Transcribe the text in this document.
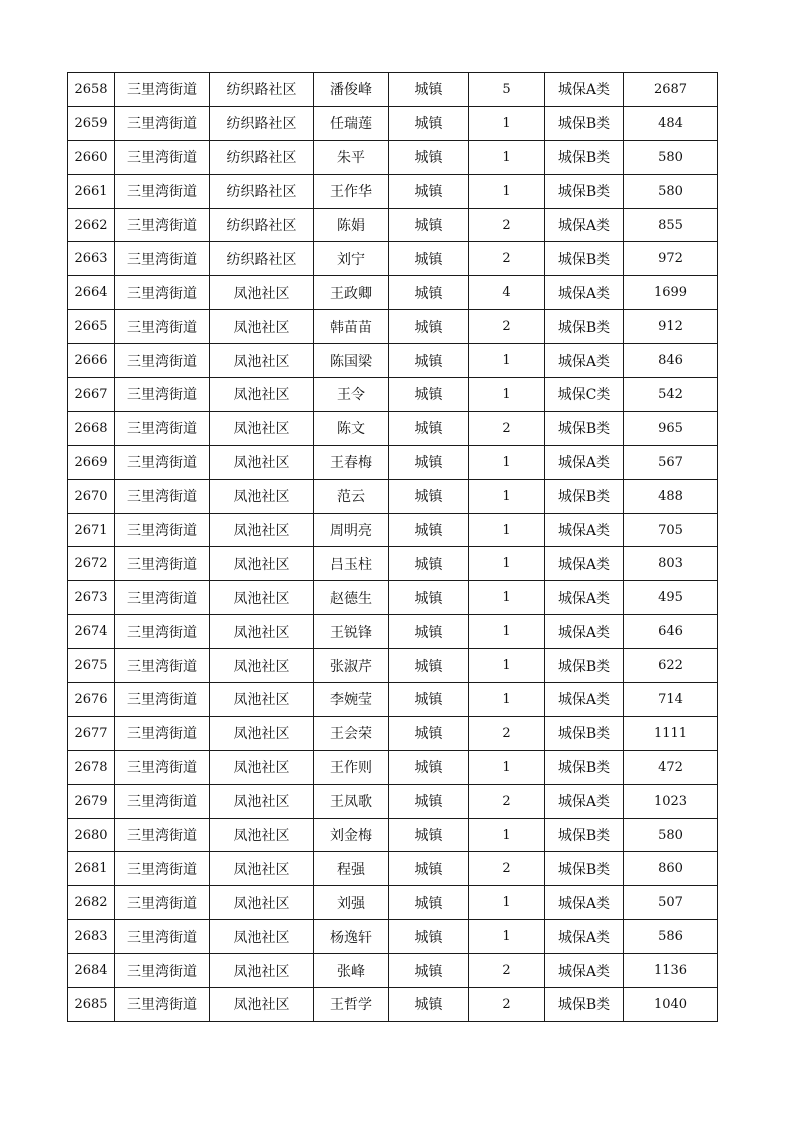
2658	三里湾街道	纺织路社区	潘俊峰	城镇	5	城保A类	2687
2659	三里湾街道	纺织路社区	任瑞莲	城镇	1	城保B类	484
2660	三里湾街道	纺织路社区	朱平	城镇	1	城保B类	580
2661	三里湾街道	纺织路社区	王作华	城镇	1	城保B类	580
2662	三里湾街道	纺织路社区	陈娟	城镇	2	城保A类	855
2663	三里湾街道	纺织路社区	刘宁	城镇	2	城保B类	972
2664	三里湾街道	凤池社区	王政卿	城镇	4	城保A类	1699
2665	三里湾街道	凤池社区	韩苗苗	城镇	2	城保B类	912
2666	三里湾街道	凤池社区	陈国梁	城镇	1	城保A类	846
2667	三里湾街道	凤池社区	王令	城镇	1	城保C类	542
2668	三里湾街道	凤池社区	陈文	城镇	2	城保B类	965
2669	三里湾街道	凤池社区	王春梅	城镇	1	城保A类	567
2670	三里湾街道	凤池社区	范云	城镇	1	城保B类	488
2671	三里湾街道	凤池社区	周明亮	城镇	1	城保A类	705
2672	三里湾街道	凤池社区	吕玉柱	城镇	1	城保A类	803
2673	三里湾街道	凤池社区	赵德生	城镇	1	城保A类	495
2674	三里湾街道	凤池社区	王锐锋	城镇	1	城保A类	646
2675	三里湾街道	凤池社区	张淑芹	城镇	1	城保B类	622
2676	三里湾街道	凤池社区	李婉莹	城镇	1	城保A类	714
2677	三里湾街道	凤池社区	王会荣	城镇	2	城保B类	1111
2678	三里湾街道	凤池社区	王作则	城镇	1	城保B类	472
2679	三里湾街道	凤池社区	王凤歌	城镇	2	城保A类	1023
2680	三里湾街道	凤池社区	刘金梅	城镇	1	城保B类	580
2681	三里湾街道	凤池社区	程强	城镇	2	城保B类	860
2682	三里湾街道	凤池社区	刘强	城镇	1	城保A类	507
2683	三里湾街道	凤池社区	杨逸轩	城镇	1	城保A类	586
2684	三里湾街道	凤池社区	张峰	城镇	2	城保A类	1136
2685	三里湾街道	凤池社区	王哲学	城镇	2	城保B类	1040
